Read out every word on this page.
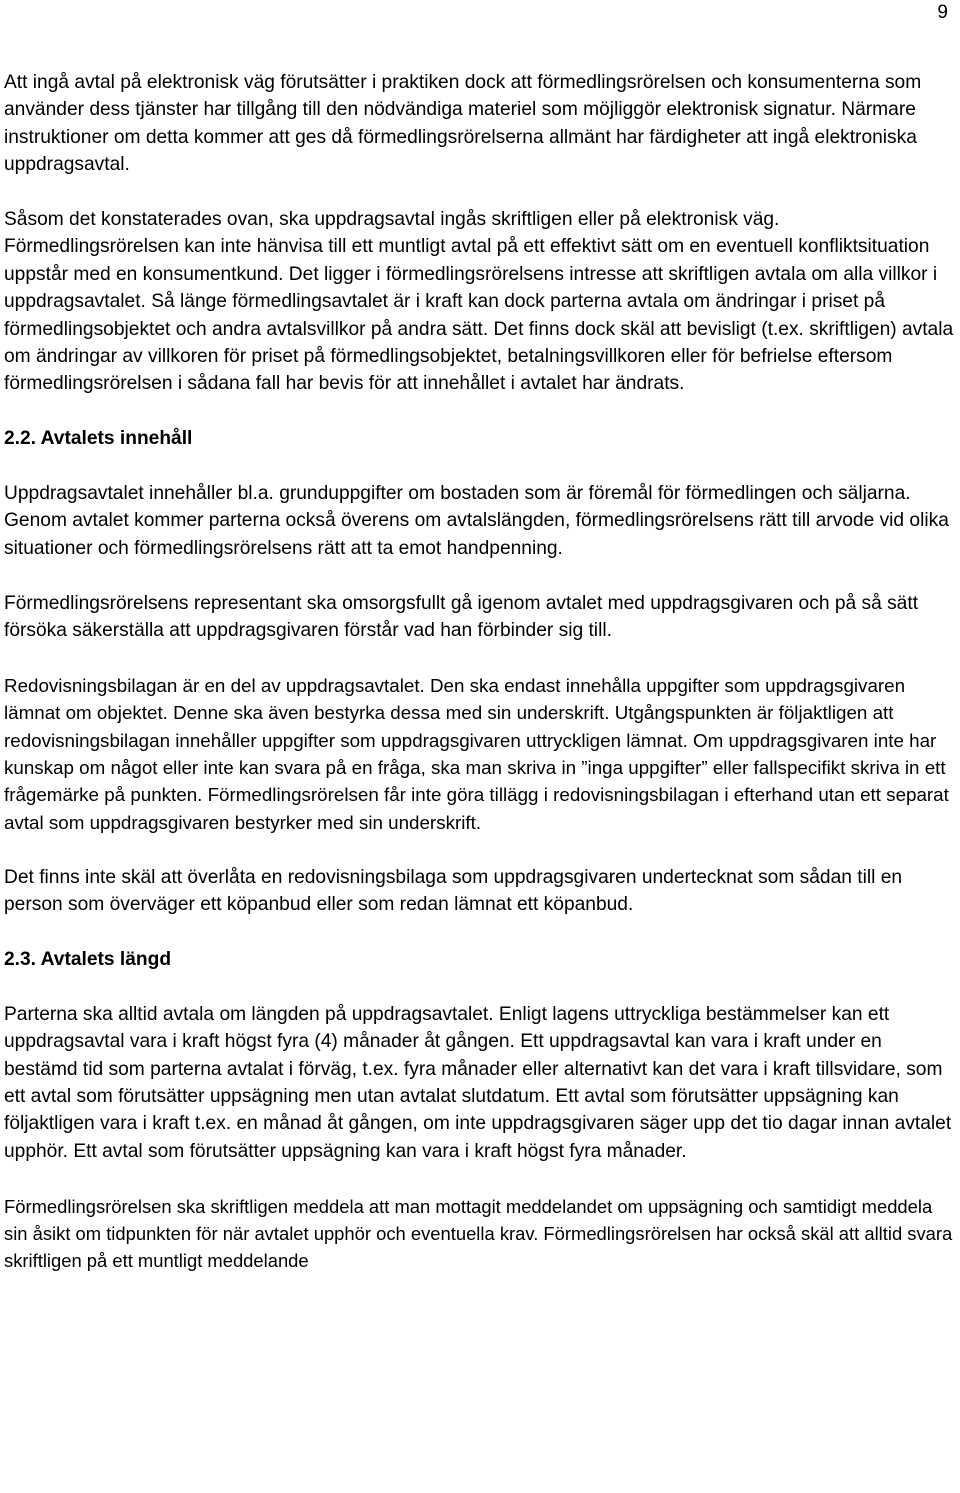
9

Att ingå avtal på elektronisk väg förutsätter i praktiken dock att förmedlingsrörelsen och konsumenterna som använder dess tjänster har tillgång till den nödvändiga materiel som möjliggör elektronisk signatur. Närmare instruktioner om detta kommer att ges då förmedlingsrörelserna allmänt har färdigheter att ingå elektroniska uppdragsavtal.

Såsom det konstaterades ovan, ska uppdragsavtal ingås skriftligen eller på elektronisk väg. Förmedlingsrörelsen kan inte hänvisa till ett muntligt avtal på ett effektivt sätt om en eventuell konfliktsituation uppstår med en konsumentkund. Det ligger i förmedlingsrörelsens intresse att skriftligen avtala om alla villkor i uppdragsavtalet. Så länge förmedlingsavtalet är i kraft kan dock parterna avtala om ändringar i priset på förmedlingsobjektet och andra avtalsvillkor på andra sätt. Det finns dock skäl att bevisligt (t.ex. skriftligen) avtala om ändringar av villkoren för priset på förmedlingsobjektet, betalningsvillkoren eller för befrielse eftersom förmedlingsrörelsen i sådana fall har bevis för att innehållet i avtalet har ändrats.

2.2. Avtalets innehåll

Uppdragsavtalet innehåller bl.a. grunduppgifter om bostaden som är föremål för förmedlingen och säljarna. Genom avtalet kommer parterna också överens om avtalslängden, förmedlingsrörelsens rätt till arvode vid olika situationer och förmedlingsrörelsens rätt att ta emot handpenning.

Förmedlingsrörelsens representant ska omsorgsfullt gå igenom avtalet med uppdragsgivaren och på så sätt försöka säkerställa att uppdragsgivaren förstår vad han förbinder sig till.

Redovisningsbilagan är en del av uppdragsavtalet. Den ska endast innehålla uppgifter som uppdragsgivaren lämnat om objektet. Denne ska även bestyrka dessa med sin underskrift. Utgångspunkten är följaktligen att redovisningsbilagan innehåller uppgifter som uppdragsgivaren uttryckligen lämnat. Om uppdragsgivaren inte har kunskap om något eller inte kan svara på en fråga, ska man skriva in ”inga uppgifter” eller fallspecifikt skriva in ett frågemärke på punkten. Förmedlingsrörelsen får inte göra tillägg i redovisningsbilagan i efterhand utan ett separat avtal som uppdragsgivaren bestyrker med sin underskrift.

Det finns inte skäl att överlåta en redovisningsbilaga som uppdragsgivaren undertecknat som sådan till en person som överväger ett köpanbud eller som redan lämnat ett köpanbud.

2.3. Avtalets längd

Parterna ska alltid avtala om längden på uppdragsavtalet. Enligt lagens uttryckliga bestämmelser kan ett uppdragsavtal vara i kraft högst fyra (4) månader åt gången. Ett uppdragsavtal kan vara i kraft under en bestämd tid som parterna avtalat i förväg, t.ex. fyra månader eller alternativt kan det vara i kraft tillsvidare, som ett avtal som förutsätter uppsägning men utan avtalat slutdatum. Ett avtal som förutsätter uppsägning kan följaktligen vara i kraft t.ex. en månad åt gången, om inte uppdragsgivaren säger upp det tio dagar innan avtalet upphör. Ett avtal som förutsätter uppsägning kan vara i kraft högst fyra månader.

Förmedlingsrörelsen ska skriftligen meddela att man mottagit meddelandet om uppsägning och samtidigt meddela sin åsikt om tidpunkten för när avtalet upphör och eventuella krav. Förmedlingsrörelsen har också skäl att alltid svara skriftligen på ett muntligt meddelande
